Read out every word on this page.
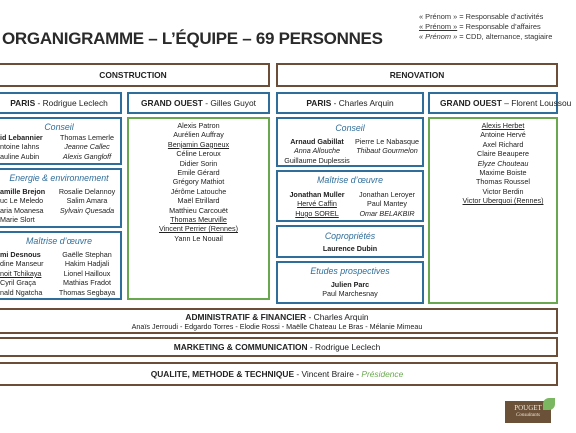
ORGANIGRAMME – L’ÉQUIPE – 69 PERSONNES
« Prénom » = Responsable d’activités
« Prénom » = Responsable d’affaires
« Prénom » = CDD, alternance, stagiaire
CONSTRUCTION	RENOVATION
PARIS - Rodrigue Leclech
Conseil
id Lebannier
ntoine Iahns
auline Aubin
Thomas Lemerle
Jeanne Callec
Alexis Gangloff
Energie & environnement
amille Brejon
uc Le Meledo
aria Moanesa
Marie Slort
Rosalie Delannoy
Salim Amara
Sylvain Quesada
Maîtrise d’œuvre
mi Desnous
dine Manseur
noit Tchikaya
Cyril Graça
nald Ngatcha
Gaëlle Stephan
Hakim Hadjali
Lionel Hailloux
Mathias Fradot
Thomas Segbaya
GRAND OUEST - Gilles Guyot
Alexis Patron
Aurélien Auffray
Benjamin Gagneux
Céline Leroux
Didier Sorin
Emile Gérard
Grégory Mathiot
Jérôme Latouche
Maël Etrillard
Matthieu Carcouët
Thomas Meurville
Vincent Perrier (Rennes)
Yann Le Nouail
PARIS - Charles Arquin
Conseil
Arnaud Gabillat
Anna Allouche
Guillaume Duplessis
Pierre Le Nabasque
Thibaut Gourmelon
Maîtrise d’œuvre
Jonathan Muller
Hervé Caffin
Hugo SOREL
Jonathan Leroyer
Paul Mantey
Omar BELAKBIR
Copropriétés
Laurence Dubin
Etudes prospectives
Julien Parc
Paul Marchesnay
GRAND OUEST – Florent Loussou
Alexis Herbet
Antoine Hervé
Axel Richard
Claire Beaupere
Elyze Chouteau
Maxime Boiste
Thomas Roussel
Victor Berdin
Victor Uberquoi (Rennes)
ADMINISTRATIF & FINANCIER - Charles Arquin
Anaïs Jerroudi - Edgardo Torres - Elodie Rossi - Maëlle Chateau Le Bras - Mélanie Mimeau
MARKETING & COMMUNICATION - Rodrigue Leclech
QUALITE, METHODE & TECHNIQUE - Vincent Braire - Présidence
POUGET
Consultants
